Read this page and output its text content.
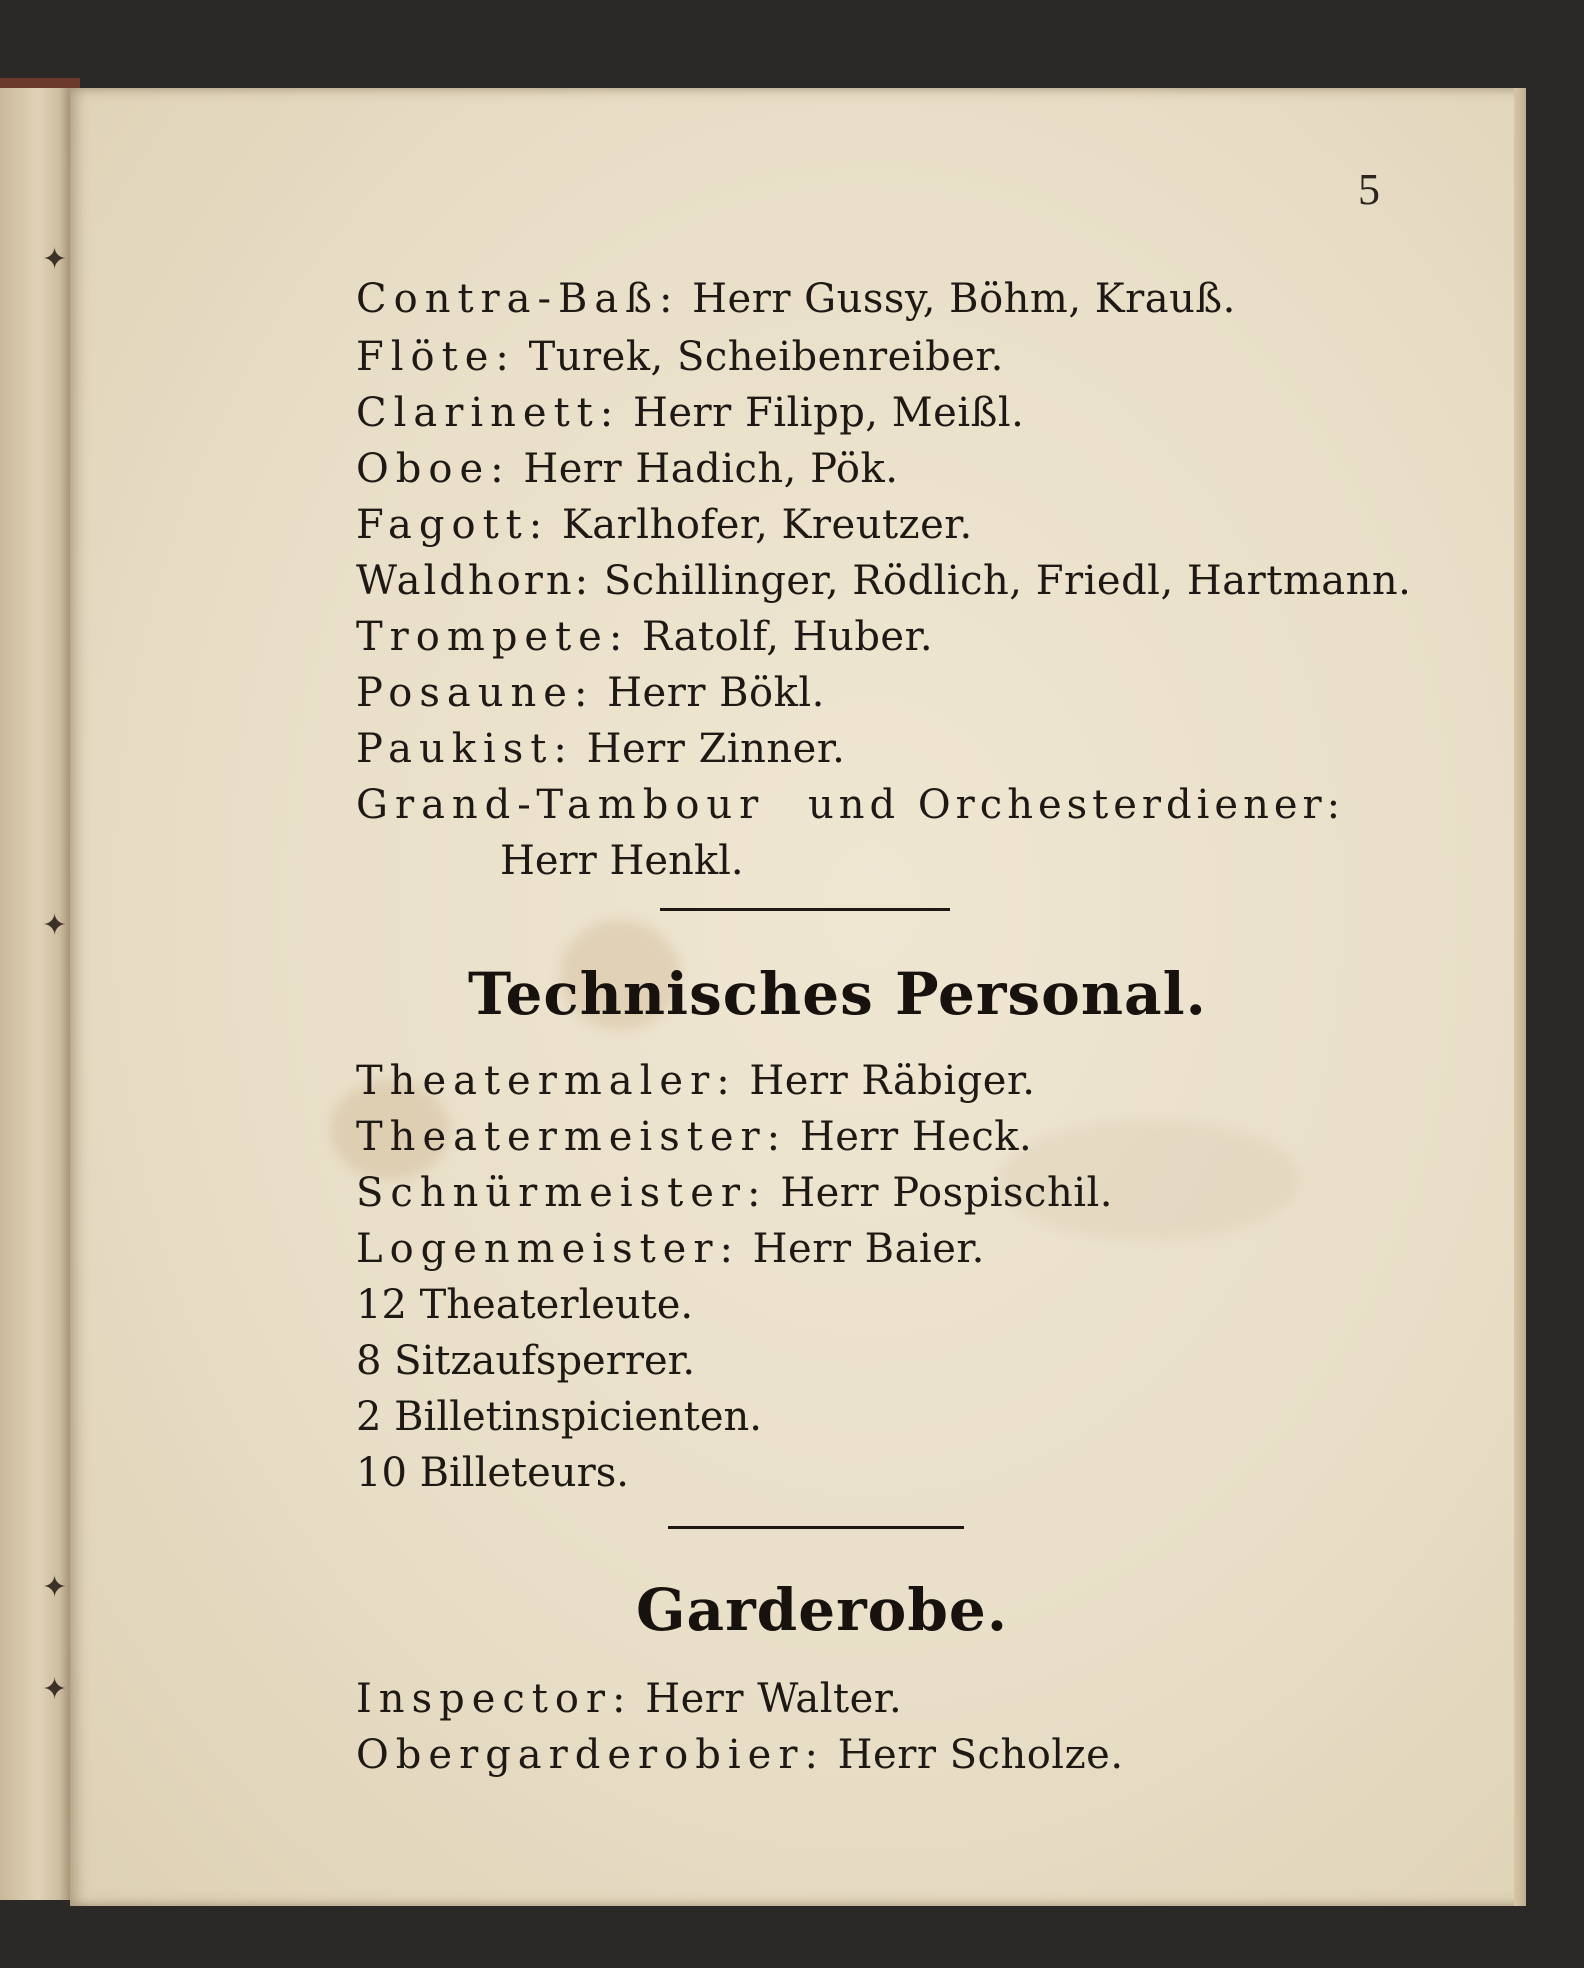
✦
✦
✦
✦
5
Contra-Baß: Herr Gussy, Böhm, Krauß.
Flöte: Turek, Scheibenreiber.
Clarinett: Herr Filipp, Meißl.
Oboe: Herr Hadich, Pök.
Fagott: Karlhofer, Kreutzer.
Waldhorn: Schillinger, Rödlich, Friedl, Hartmann.
Trompete: Ratolf, Huber.
Posaune: Herr Bökl.
Paukist: Herr Zinner.
Grand-Tambour und Orchesterdiener:
Herr Henkl.
Technisches Personal.
Theatermaler: Herr Räbiger.
Theatermeister: Herr Heck.
Schnürmeister: Herr Pospischil.
Logenmeister: Herr Baier.
12 Theaterleute.
8 Sitzaufsperrer.
2 Billetinspicienten.
10 Billeteurs.
Garderobe.
Inspector: Herr Walter.
Obergarderobier: Herr Scholze.
